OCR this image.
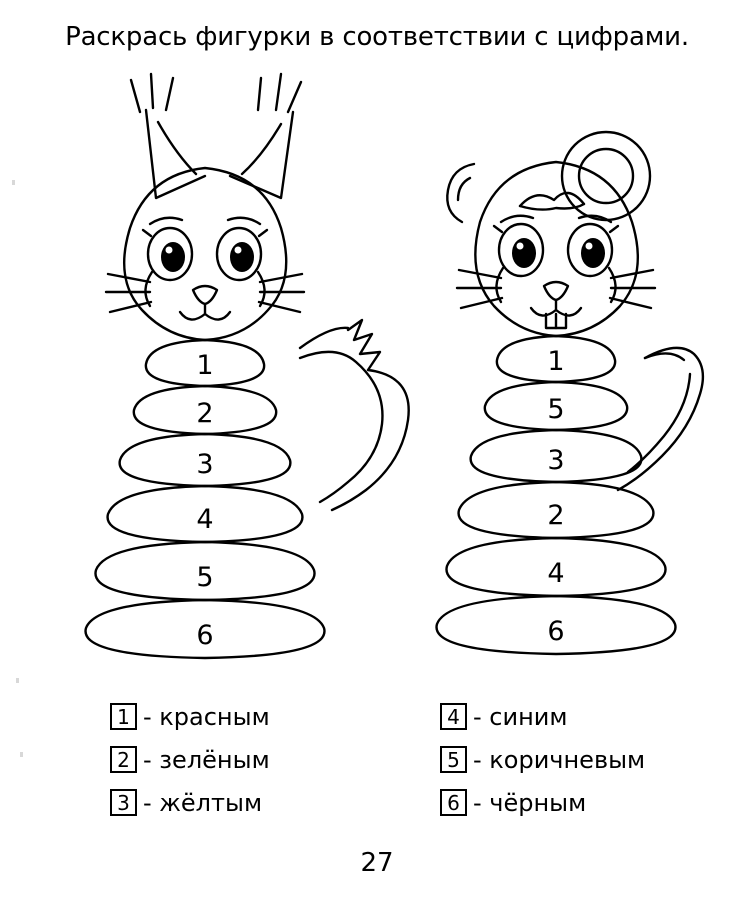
Раскрась фигурки в соответствии с цифрами.
1
2
3
4
5
6
1
5
3
2
4
6
1 - красным
2 - зелёным
3 - жёлтым
4 - синим
5 - коричневым
6 - чёрным
27
